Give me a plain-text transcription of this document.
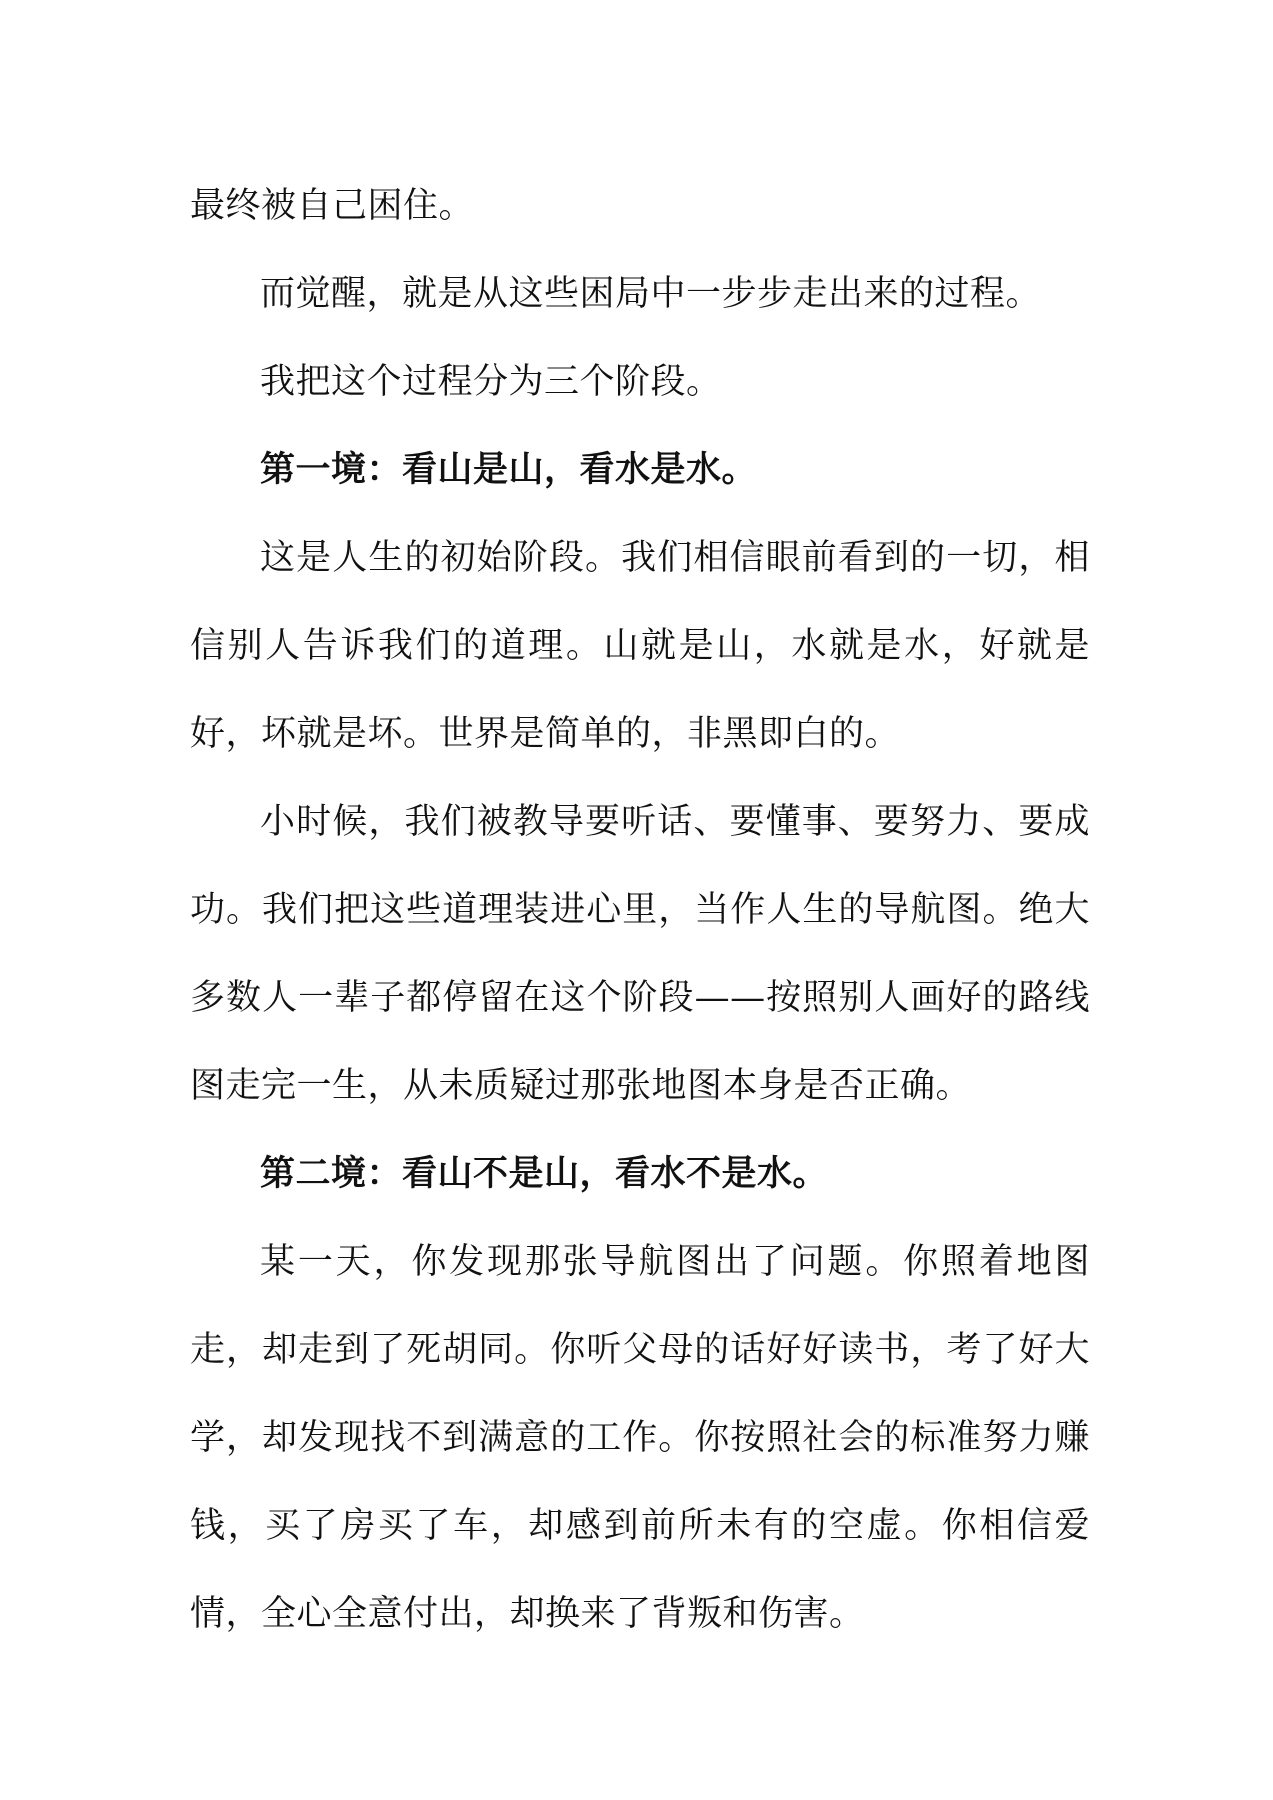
最终被自己困住。

而觉醒，就是从这些困局中一步步走出来的过程。

我把这个过程分为三个阶段。

第一境：看山是山，看水是水。

这是人生的初始阶段。我们相信眼前看到的一切，相信别人告诉我们的道理。山就是山，水就是水，好就是好，坏就是坏。世界是简单的，非黑即白的。

小时候，我们被教导要听话、要懂事、要努力、要成功。我们把这些道理装进心里，当作人生的导航图。绝大多数人一辈子都停留在这个阶段——按照别人画好的路线图走完一生，从未质疑过那张地图本身是否正确。

第二境：看山不是山，看水不是水。

某一天，你发现那张导航图出了问题。你照着地图走，却走到了死胡同。你听父母的话好好读书，考了好大学，却发现找不到满意的工作。你按照社会的标准努力赚钱，买了房买了车，却感到前所未有的空虚。你相信爱情，全心全意付出，却换来了背叛和伤害。
